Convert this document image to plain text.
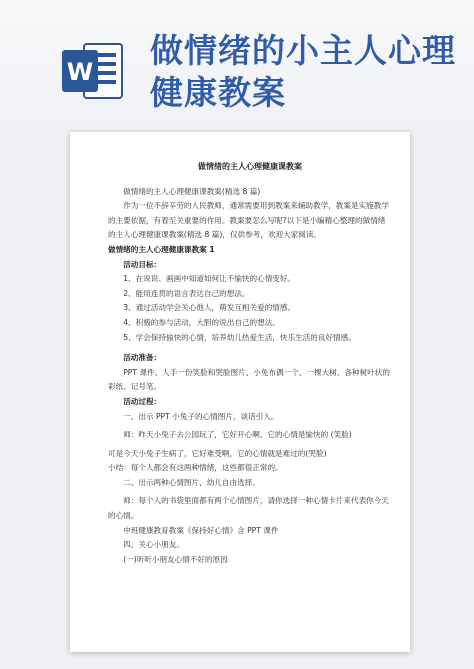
W
做情绪的小主人心理健康教案
做情绪的主人心理健康课教案

做情绪的主人心理健康课教案(精选 8 篇)

作为一位不辞辛劳的人民教师，通常需要用到教案来辅助教学，教案是实施教学的主要依据，有着至关重要的作用。教案要怎么写呢?以下是小编精心整理的做情绪的主人心理健康课教案(精选 8 篇)，仅供参考，欢迎大家阅读。

做情绪的主人心理健康课教案 1

活动目标：

1、在说说、画画中知道如何让不愉快的心情变好。

2、能用连贯的语言表达自己的想法。

3、通过活动学会关心他人，萌发互相关爱的情感。

4、积极的参与活动，大胆的说出自己的想法。

5、学会保持愉快的心情，培养幼儿热爱生活，快乐生活的良好情感。

活动准备：

PPT 课件、人手一份笑脸和哭脸图片、小免布偶一个、一棵大树、各种树叶状的彩纸、记号笔。

活动过程：

一、出示 PPT 小兔子的心情图片，谈话引入。

师：昨天小兔子去公园玩了，它好开心啊，它的心情是愉快的 (笑脸)

可是今天小兔子生病了，它好难受啊，它的心情就是难过的(哭脸)

小结：每个人都会有这两种情绪，这些都很正常的。

二、出示两种心情图片，幼儿自由选择。

师：每个人的书袋里面都有两个心情图片，请你选择一种心情卡片来代表你今天的心情。

中班健康教育教案《保持好心情》含 PPT 课件

四、关心小朋友。

(一)听听小朋友心情不好的原因
